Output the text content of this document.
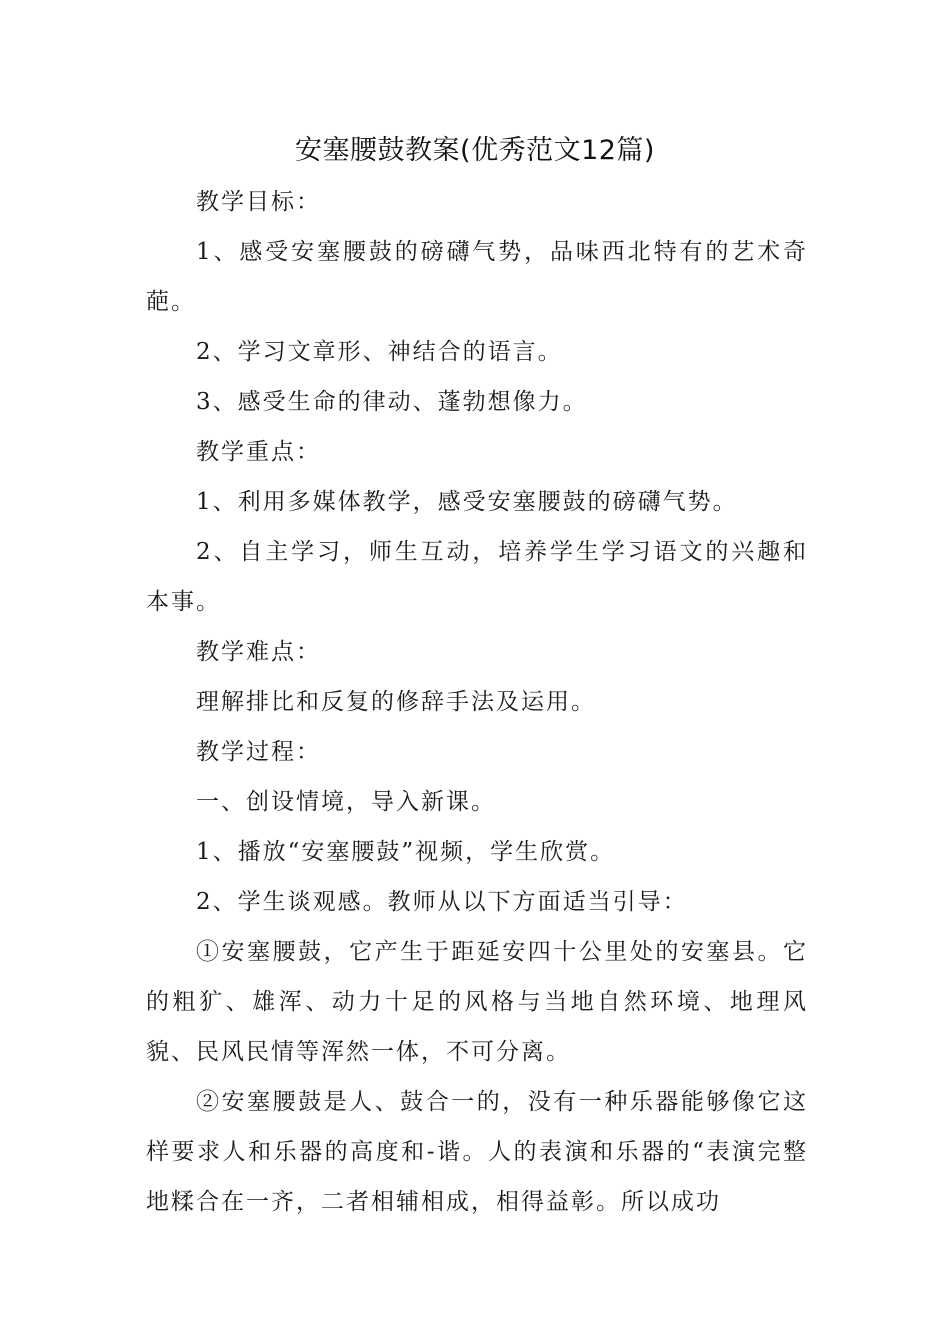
安塞腰鼓教案(优秀范文12篇)

教学目标：

1、感受安塞腰鼓的磅礴气势，品味西北特有的艺术奇葩。

2、学习文章形、神结合的语言。

3、感受生命的律动、蓬勃想像力。

教学重点：

1、利用多媒体教学，感受安塞腰鼓的磅礴气势。

2、自主学习，师生互动，培养学生学习语文的兴趣和本事。

教学难点：

理解排比和反复的修辞手法及运用。

教学过程：

一、创设情境，导入新课。

1、播放“安塞腰鼓”视频，学生欣赏。

2、学生谈观感。教师从以下方面适当引导：

①安塞腰鼓，它产生于距延安四十公里处的安塞县。它的粗犷、雄浑、动力十足的风格与当地自然环境、地理风貌、民风民情等浑然一体，不可分离。

②安塞腰鼓是人、鼓合一的，没有一种乐器能够像它这样要求人和乐器的高度和-谐。人的表演和乐器的“表演完整地糅合在一齐，二者相辅相成，相得益彰。所以成功
